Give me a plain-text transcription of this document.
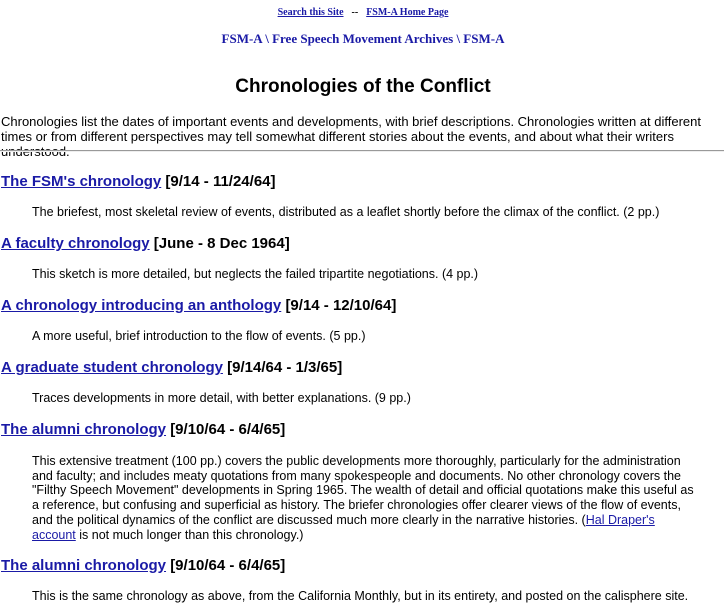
Search this Site -- FSM-A Home Page
FSM-A \ Free Speech Movement Archives \ FSM-A
Chronologies of the Conflict

Chronologies list the dates of important events and developments, with brief descriptions. Chronologies written at different times or from different perspectives may tell somewhat different stories about the events, and about what their writers understood.

The FSM's chronology [9/14 - 11/24/64]

The briefest, most skeletal review of events, distributed as a leaflet shortly before the climax of the conflict. (2 pp.)

A faculty chronology [June - 8 Dec 1964]

This sketch is more detailed, but neglects the failed tripartite negotiations. (4 pp.)

A chronology introducing an anthology [9/14 - 12/10/64]

A more useful, brief introduction to the flow of events. (5 pp.)

A graduate student chronology [9/14/64 - 1/3/65]

Traces developments in more detail, with better explanations. (9 pp.)

The alumni chronology [9/10/64 - 6/4/65]

This extensive treatment (100 pp.) covers the public developments more thoroughly, particularly for the administration and faculty; and includes meaty quotations from many spokespeople and documents. No other chronology covers the "Filthy Speech Movement" developments in Spring 1965. The wealth of detail and official quotations make this useful as a reference, but confusing and superficial as history. The briefer chronologies offer clearer views of the flow of events, and the political dynamics of the conflict are discussed much more clearly in the narrative histories. (Hal Draper's account is not much longer than this chronology.)

The alumni chronology [9/10/64 - 6/4/65]

This is the same chronology as above, from the California Monthly, but in its entirety, and posted on the calisphere site.
